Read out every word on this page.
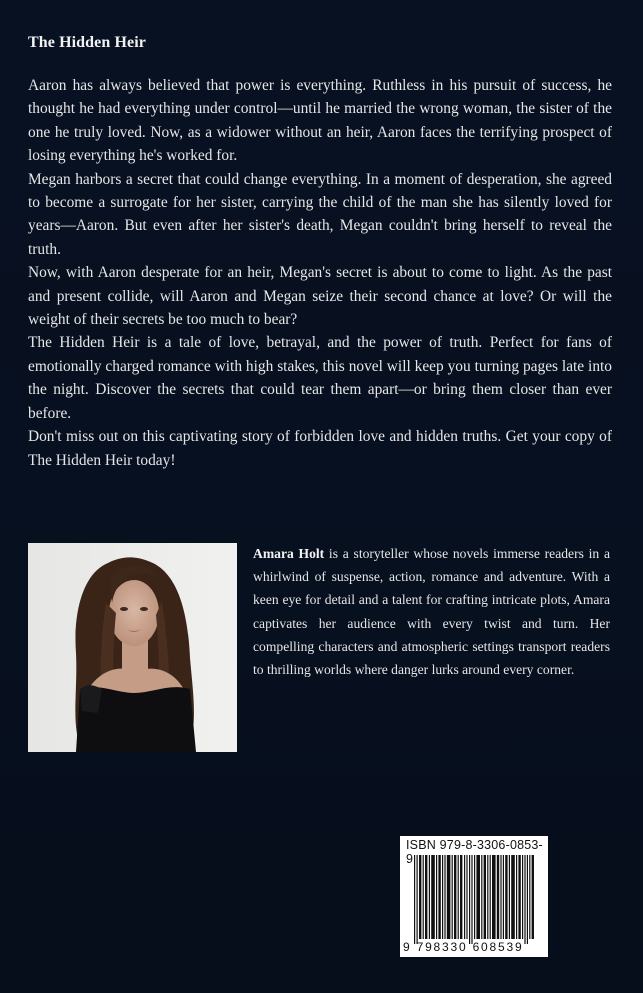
The Hidden Heir

Aaron has always believed that power is everything. Ruthless in his pursuit of success, he thought he had everything under control—until he married the wrong woman, the sister of the one he truly loved. Now, as a widower without an heir, Aaron faces the terrifying prospect of losing everything he's worked for.

Megan harbors a secret that could change everything. In a moment of desperation, she agreed to become a surrogate for her sister, carrying the child of the man she has silently loved for years—Aaron. But even after her sister's death, Megan couldn't bring herself to reveal the truth.

Now, with Aaron desperate for an heir, Megan's secret is about to come to light. As the past and present collide, will Aaron and Megan seize their second chance at love? Or will the weight of their secrets be too much to bear?

The Hidden Heir is a tale of love, betrayal, and the power of truth. Perfect for fans of emotionally charged romance with high stakes, this novel will keep you turning pages late into the night. Discover the secrets that could tear them apart—or bring them closer than ever before.

Don't miss out on this captivating story of forbidden love and hidden truths. Get your copy of The Hidden Heir today!

Amara Holt is a storyteller whose novels immerse readers in a whirlwind of suspense, action, romance and adventure. With a keen eye for detail and a talent for crafting intricate plots, Amara captivates her audience with every twist and turn. Her compelling characters and atmospheric settings transport readers to thrilling worlds where danger lurks around every corner.
ISBN 979-8-3306-0853-9
9 798330 608539
